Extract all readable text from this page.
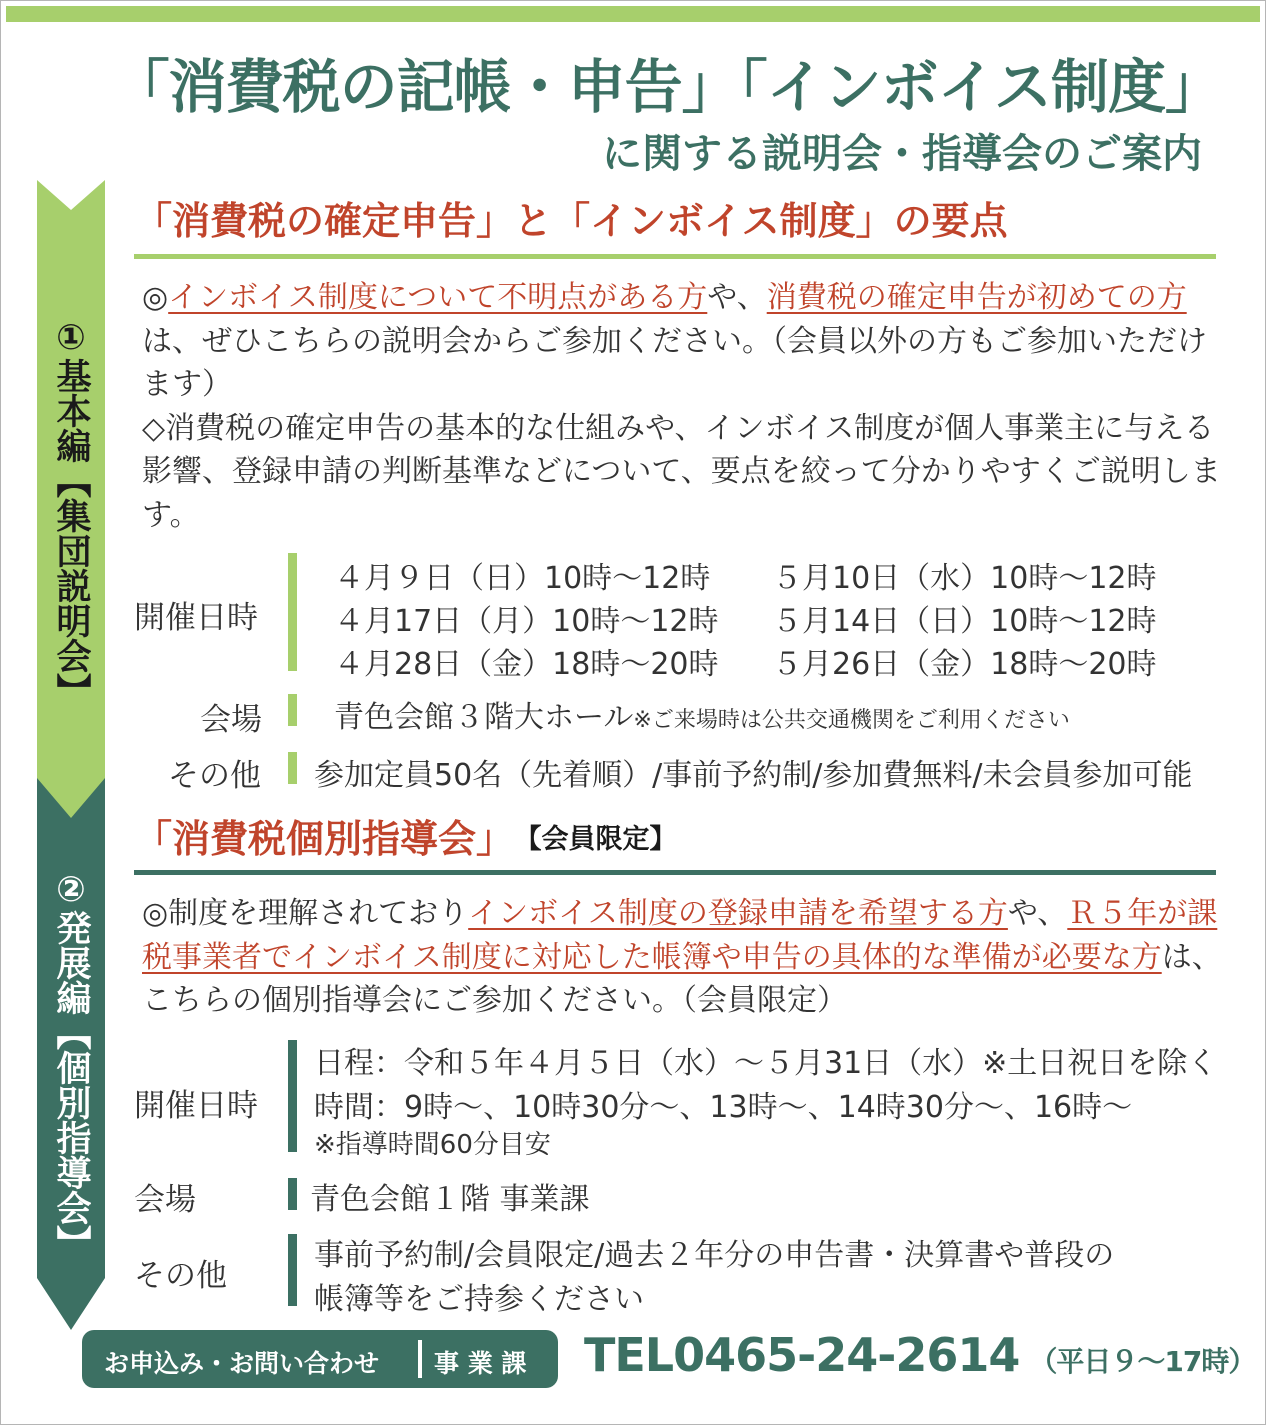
「消費税の記帳・申告」「インボイス制度」
に関する説明会・指導会のご案内
①基本編【集団説明会】
②発展編【個別指導会】
「消費税の確定申告」と「インボイス制度」の要点
◎インボイス制度について不明点がある方や、消費税の確定申告が初めての方は、ぜひこちらの説明会からご参加ください。（会員以外の方もご参加いただけます）
◇消費税の確定申告の基本的な仕組みや、インボイス制度が個人事業主に与える影響、登録申請の判断基準などについて、要点を絞って分かりやすくご説明します。
開催日時
４月９日（日）10時～12時
４月17日（月）10時～12時
４月28日（金）18時～20時
５月10日（水）10時～12時
５月14日（日）10時～12時
５月26日（金）18時～20時
会場 青色会館３階大ホール※ご来場時は公共交通機関をご利用ください
その他 参加定員50名（先着順）/事前予約制/参加費無料/未会員参加可能
「消費税個別指導会」 【会員限定】
◎制度を理解されておりインボイス制度の登録申請を希望する方や、Ｒ５年が課税事業者でインボイス制度に対応した帳簿や申告の具体的な準備が必要な方は、こちらの個別指導会にご参加ください。（会員限定）
開催日時
日程：令和５年４月５日（水）～５月31日（水）※土日祝日を除く
時間：9時～、10時30分～、13時～、14時30分～、16時～
※指導時間60分目安
会場	青色会館１階 事業課
その他
事前予約制/会員限定/過去２年分の申告書・決算書や普段の
帳簿等をご持参ください
お申込み・お問い合わせ 事 業 課 TEL0465-24-2614 （平日９～17時）
